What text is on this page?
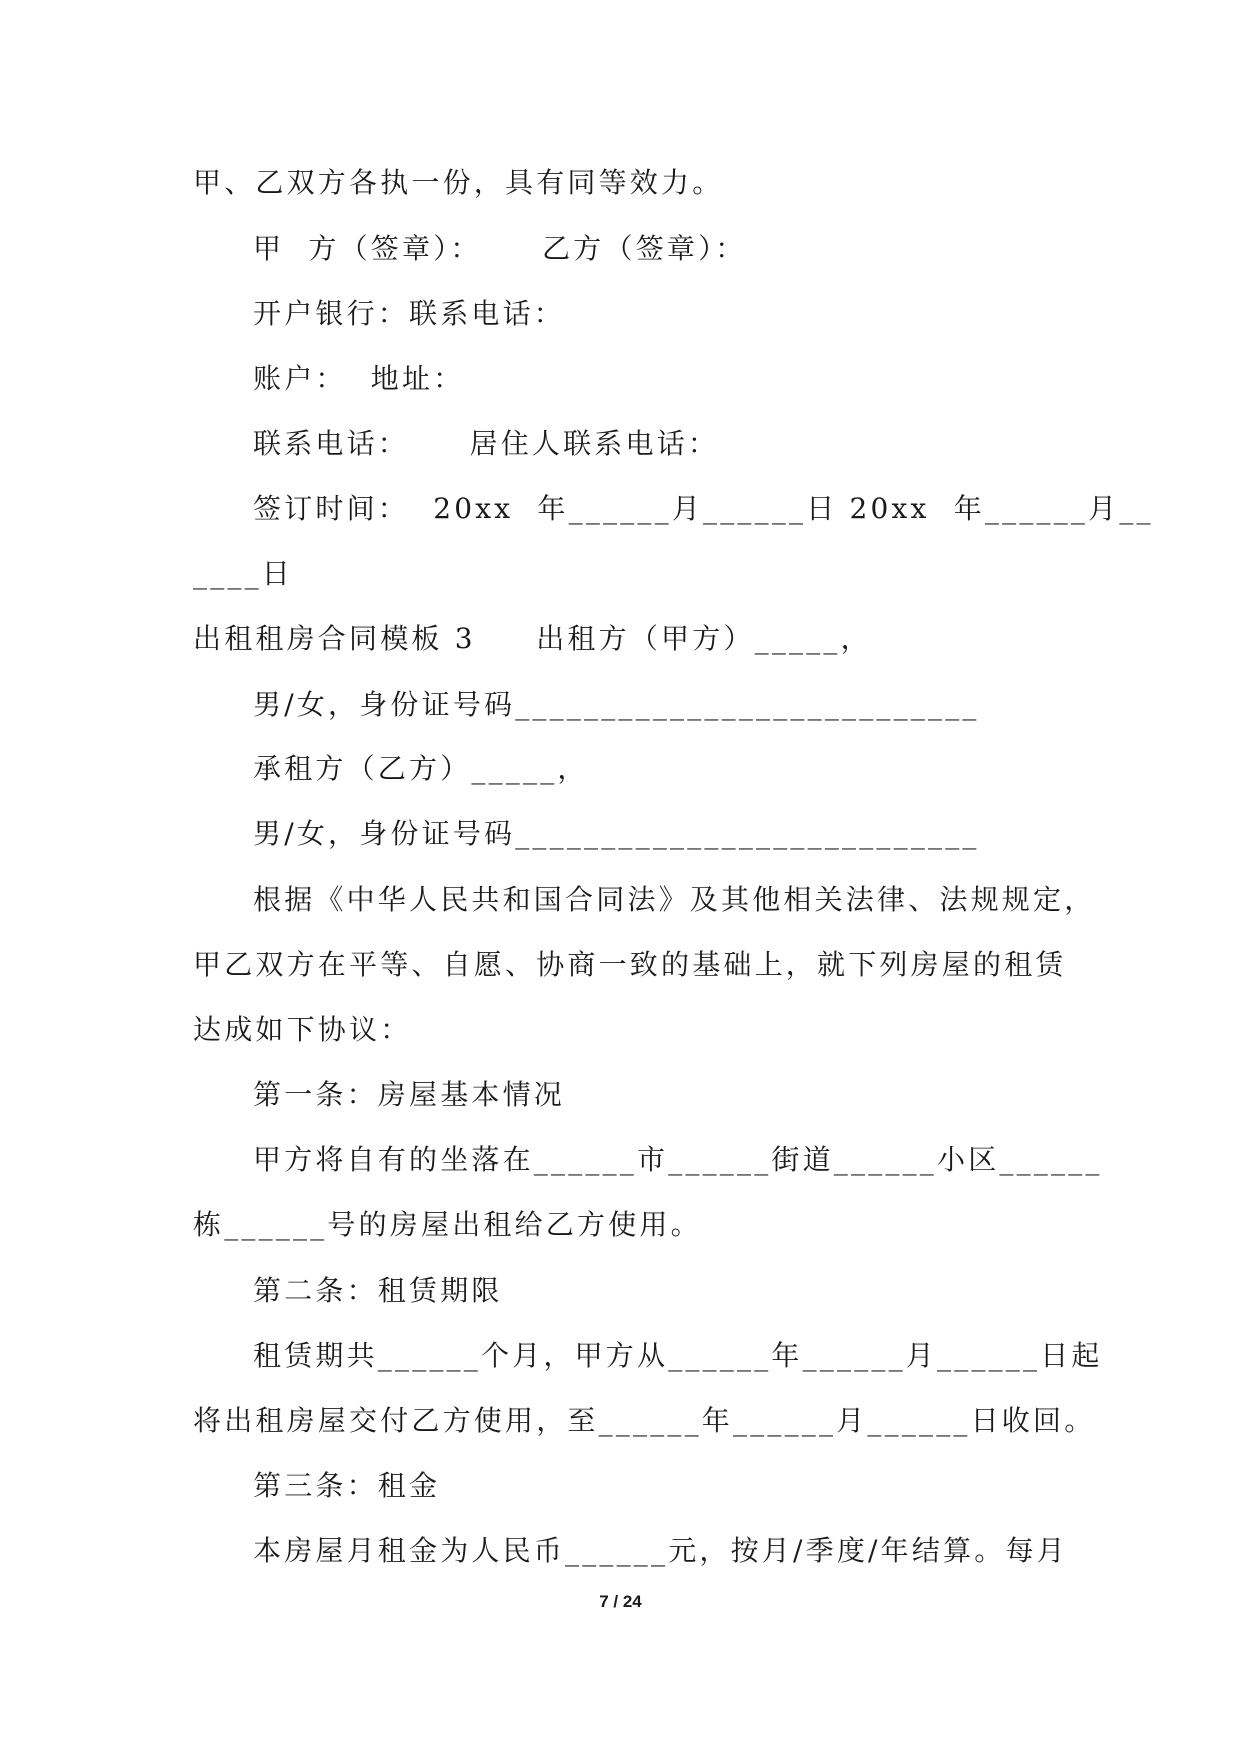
甲、乙双方各执一份，具有同等效力。
甲  方（签章）：     乙方（签章）：
开户银行：联系电话：
账户：  地址：
联系电话：     居住人联系电话：
签订时间：  20xx  年______月______日 20xx  年______月__
____日
出租租房合同模板 3     出租方（甲方）_____，
男/女，身份证号码___________________________
承租方（乙方）_____，
男/女，身份证号码___________________________
根据《中华人民共和国合同法》及其他相关法律、法规规定，
甲乙双方在平等、自愿、协商一致的基础上，就下列房屋的租赁
达成如下协议：
第一条：房屋基本情况
甲方将自有的坐落在______市______街道______小区______
栋______号的房屋出租给乙方使用。
第二条：租赁期限
租赁期共______个月，甲方从______年______月______日起
将出租房屋交付乙方使用，至______年______月______日收回。
第三条：租金
本房屋月租金为人民币______元，按月/季度/年结算。每月
7 / 24
